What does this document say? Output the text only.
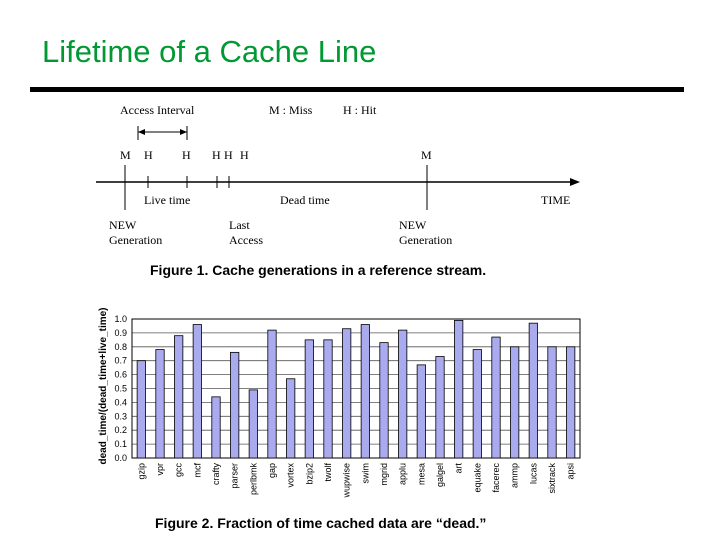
Lifetime of a Cache Line
Access Interval	M : Miss	H : Hit
M H H H H H	M
Live time	Dead time	TIME
NEW
Generation
Last
Access
NEW
Generation
Figure 1. Cache generations in a reference stream.
0.0
0.1
0.2
0.3
0.4
0.5
0.6
0.7
0.8
0.9
1.0
gzip vpr gcc mcf crafty parser perlbmk gap vortex bzip2 twolf wupwise swim mgrid applu mesa galgel art equake facerec ammp lucas sixtrack apsi
dead_time/(dead_time+live_time)
Figure 2. Fraction of time cached data are “dead.”
